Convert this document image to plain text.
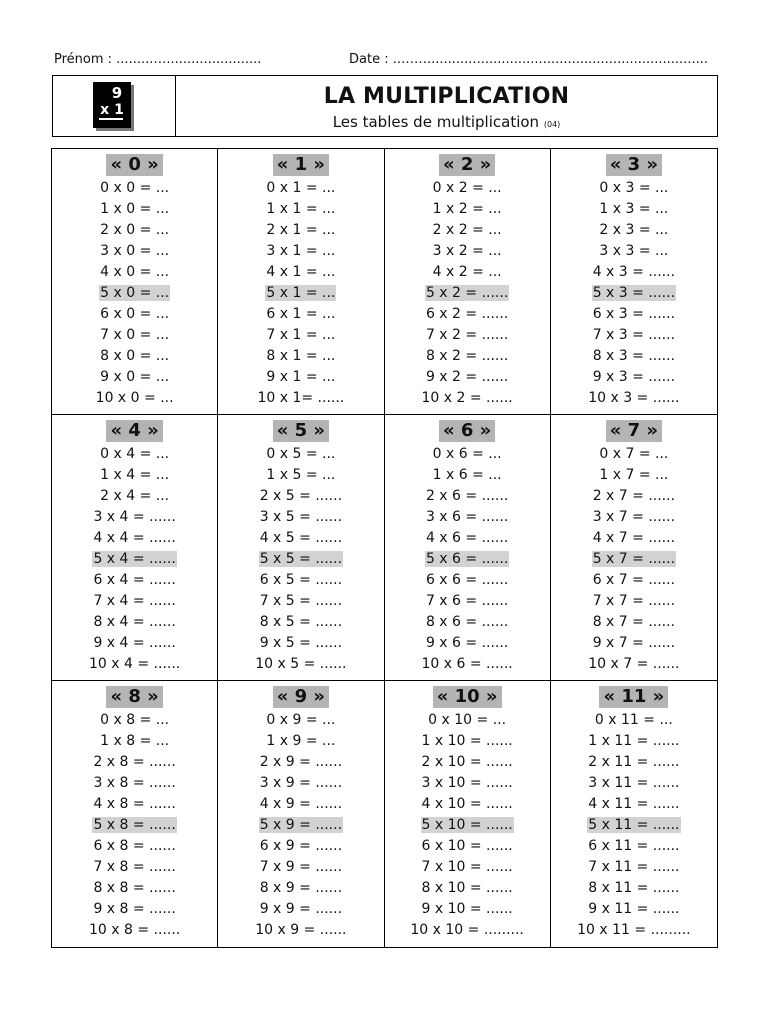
Prénom : .........….......................	Date : ..……....................................................................
9
x 1
LA MULTIPLICATION
Les tables de multiplication (04)
« 0 »
0 x 0 = ...
1 x 0 = ...
2 x 0 = ...
3 x 0 = ...
4 x 0 = ...
5 x 0 = ...
6 x 0 = ...
7 x 0 = ...
8 x 0 = ...
9 x 0 = ...
10 x 0 = ...
« 1 »
0 x 1 = ...
1 x 1 = ...
2 x 1 = ...
3 x 1 = ...
4 x 1 = ...
5 x 1 = ...
6 x 1 = ...
7 x 1 = ...
8 x 1 = ...
9 x 1 = ...
10 x 1= ......
« 2 »
0 x 2 = ...
1 x 2 = ...
2 x 2 = ...
3 x 2 = ...
4 x 2 = ...
5 x 2 = ......
6 x 2 = ......
7 x 2 = ......
8 x 2 = ......
9 x 2 = ......
10 x 2 = ......
« 3 »
0 x 3 = ...
1 x 3 = ...
2 x 3 = ...
3 x 3 = ...
4 x 3 = ......
5 x 3 = ......
6 x 3 = ......
7 x 3 = ......
8 x 3 = ......
9 x 3 = ......
10 x 3 = ......
« 4 »
0 x 4 = ...
1 x 4 = ...
2 x 4 = ...
3 x 4 = ......
4 x 4 = ......
5 x 4 = ......
6 x 4 = ......
7 x 4 = ......
8 x 4 = ......
9 x 4 = ......
10 x 4 = ......
« 5 »
0 x 5 = ...
1 x 5 = ...
2 x 5 = ......
3 x 5 = ......
4 x 5 = ......
5 x 5 = ......
6 x 5 = ......
7 x 5 = ......
8 x 5 = ......
9 x 5 = ......
10 x 5 = ......
« 6 »
0 x 6 = ...
1 x 6 = ...
2 x 6 = ......
3 x 6 = ......
4 x 6 = ......
5 x 6 = ......
6 x 6 = ......
7 x 6 = ......
8 x 6 = ......
9 x 6 = ......
10 x 6 = ......
« 7 »
0 x 7 = ...
1 x 7 = ...
2 x 7 = ......
3 x 7 = ......
4 x 7 = ......
5 x 7 = ......
6 x 7 = ......
7 x 7 = ......
8 x 7 = ......
9 x 7 = ......
10 x 7 = ......
« 8 »
0 x 8 = ...
1 x 8 = ...
2 x 8 = ......
3 x 8 = ......
4 x 8 = ......
5 x 8 = ......
6 x 8 = ......
7 x 8 = ......
8 x 8 = ......
9 x 8 = ......
10 x 8 = ......
« 9 »
0 x 9 = ...
1 x 9 = ...
2 x 9 = ......
3 x 9 = ......
4 x 9 = ......
5 x 9 = ......
6 x 9 = ......
7 x 9 = ......
8 x 9 = ......
9 x 9 = ......
10 x 9 = ......
« 10 »
0 x 10 = ...
1 x 10 = ......
2 x 10 = ......
3 x 10 = ......
4 x 10 = ......
5 x 10 = ......
6 x 10 = ......
7 x 10 = ......
8 x 10 = ......
9 x 10 = ......
10 x 10 = .........
« 11 »
0 x 11 = ...
1 x 11 = ......
2 x 11 = ......
3 x 11 = ......
4 x 11 = ......
5 x 11 = ......
6 x 11 = ......
7 x 11 = ......
8 x 11 = ......
9 x 11 = ......
10 x 11 = .........
